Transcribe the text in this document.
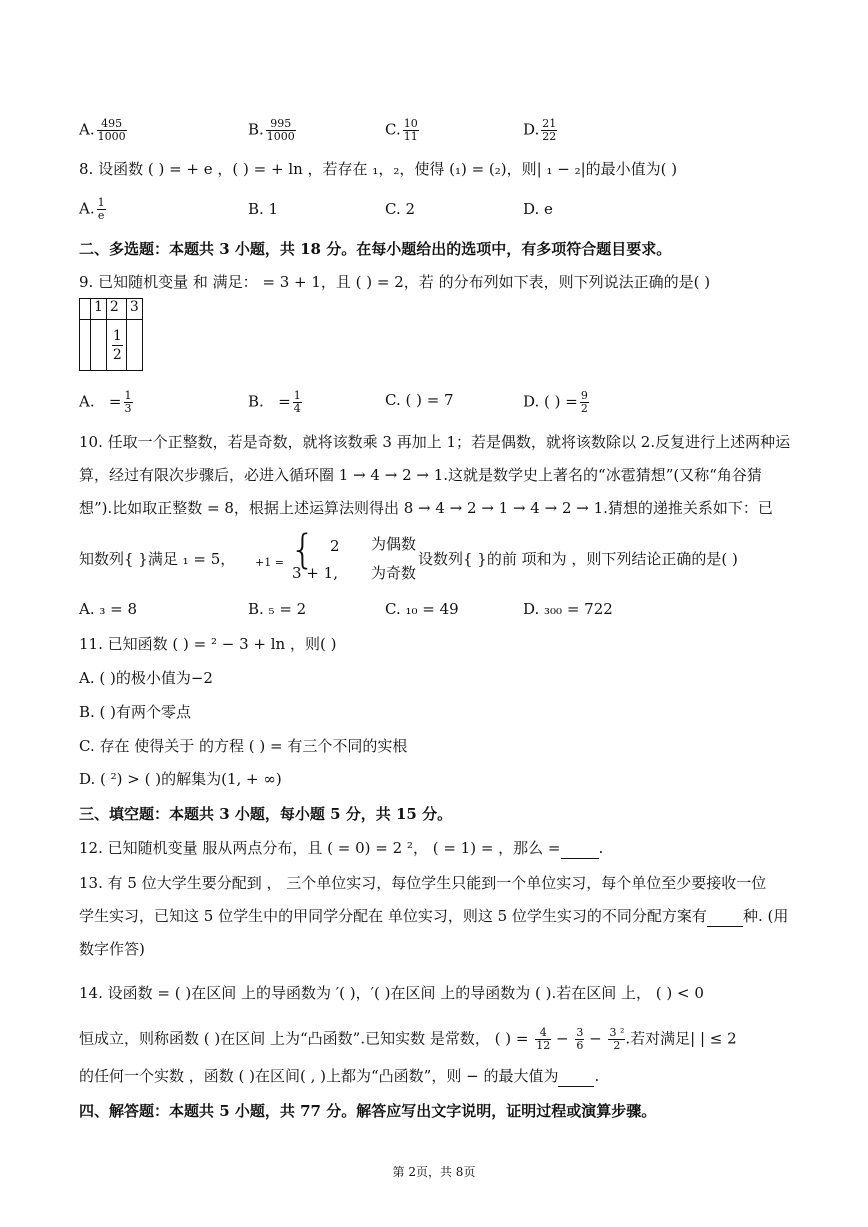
A. $\frac{495}{1000}$	B. $\frac{995}{1000}$	C. $\frac{10}{11}$	D. $\frac{21}{22}$
8. 设函数 ( ) = + e ，( ) = + ln ，若存在 ₁，₂，使得 (₁) = (₂)，则| ₁ − ₂|的最小值为( )
A. $\frac{1}{e}$	B. 1	C. 2	D. e
二、多选题：本题共 3 小题，共 18 分。在每小题给出的选项中，有多项符合题目要求。
9. 已知随机变量 和 满足： = 3 + 1，且 ( ) = 2，若 的分布列如下表，则下列说法正确的是( )
	1	2	3

		$\frac{1}{2}$

A. = $\frac{1}{3}$	B. = $\frac{1}{4}$	C. ( ) = 7	D. ( ) = $\frac{9}{2}$
10. 任取一个正整数，若是奇数，就将该数乘 3 再加上 1；若是偶数，就将该数除以 2.反复进行上述两种运
算，经过有限次步骤后，必进入循环圈 1 → 4 → 2 → 1.这就是数学史上著名的“冰雹猜想”(又称“角谷猜
想”).比如取正整数 = 8，根据上述运算法则得出 8 → 4 → 2 → 1 → 4 → 2 → 1.猜想的递推关系如下：已
知数列{ }满足 ₁ = 5， +1 = { 2 为偶数
3 + 1, 为奇数
设数列{ }的前 项和为 ，则下列结论正确的是( )
A. ₃ = 8	B. ₅ = 2	C. ₁₀ = 49	D. ₃₀₀ = 722
11. 已知函数 ( ) = ² − 3 + ln ，则( )
A. ( )的极小值为−2
B. ( )有两个零点
C. 存在 使得关于 的方程 ( ) = 有三个不同的实根
D. ( ²) > ( )的解集为(1, + ∞)
三、填空题：本题共 3 小题，每小题 5 分，共 15 分。
12. 已知随机变量 服从两点分布，且 ( = 0) = 2 ²， ( = 1) = ，那么 =	.
13. 有 5 位大学生要分配到 ， 三个单位实习，每位学生只能到一个单位实习，每个单位至少要接收一位
学生实习，已知这 5 位学生中的甲同学分配在 单位实习，则这 5 位学生实习的不同分配方案有 种. (用
数字作答)
14. 设函数 = ( )在区间 上的导函数为 ′( )，′( )在区间 上的导函数为 ( ).若在区间 上， ( ) < 0
恒成立，则称函数 ( )在区间 上为“凸函数”.已知实数 是常数， ( ) = $\frac{4}{12} - \frac{3}{6} - \frac{\text{3 ²}}{2}$ .若对满足| | ≤ 2
的任何一个实数 ，函数 ( )在区间( , )上都为“凸函数”，则 − 的最大值为 .
四、解答题：本题共 5 小题，共 77 分。解答应写出文字说明，证明过程或演算步骤。
第 2页，共 8页
